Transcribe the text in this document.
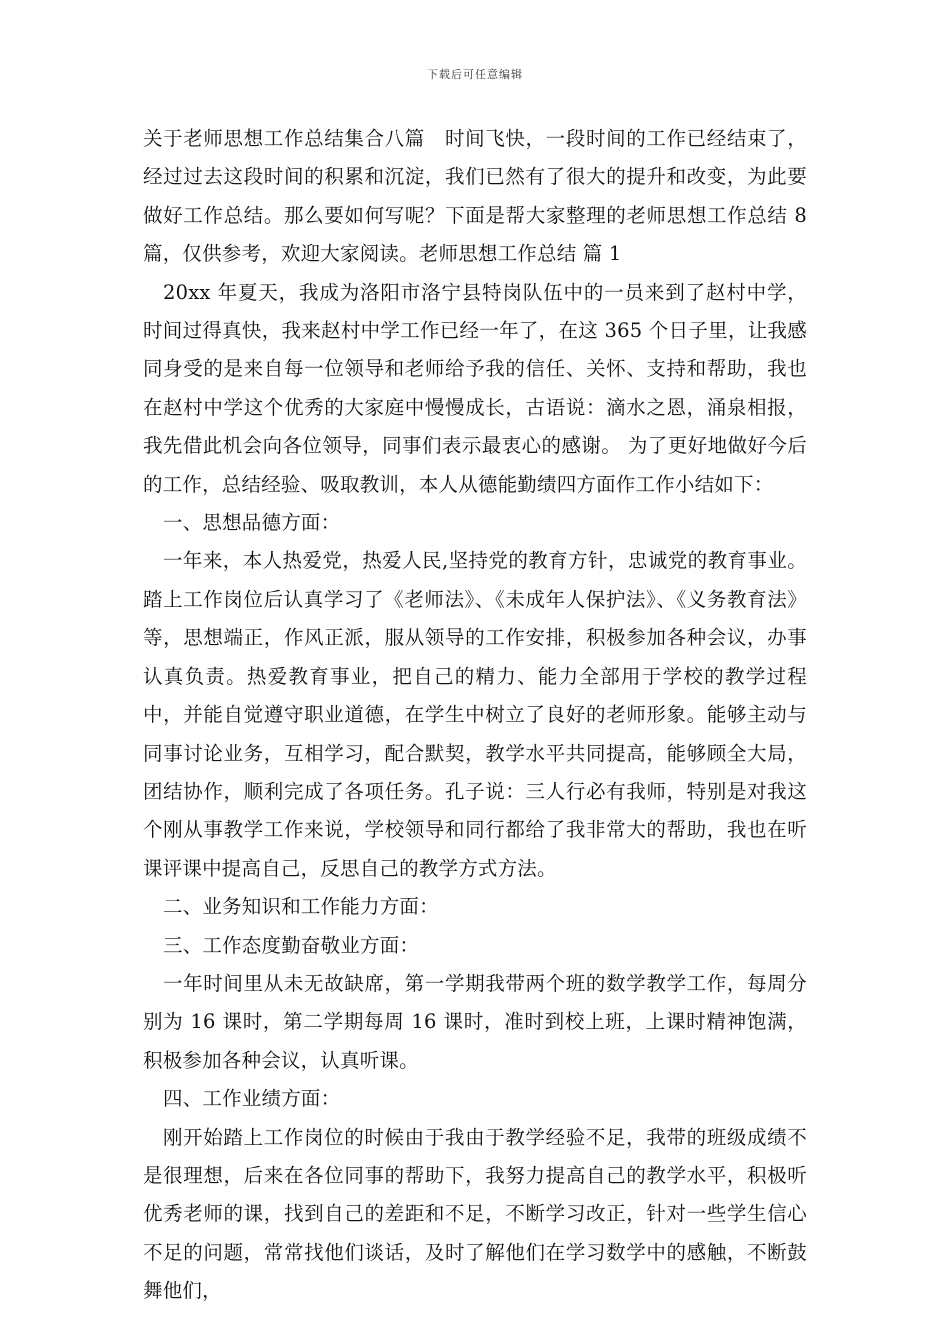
下载后可任意编辑

关于老师思想工作总结集合八篇　时间飞快，一段时间的工作已经结束了，经过过去这段时间的积累和沉淀，我们已然有了很大的提升和改变，为此要做好工作总结。那么要如何写呢？下面是帮大家整理的老师思想工作总结 8 篇，仅供参考，欢迎大家阅读。老师思想工作总结 篇 1

20xx 年夏天，我成为洛阳市洛宁县特岗队伍中的一员来到了赵村中学，时间过得真快，我来赵村中学工作已经一年了，在这 365 个日子里，让我感同身受的是来自每一位领导和老师给予我的信任、关怀、支持和帮助，我也在赵村中学这个优秀的大家庭中慢慢成长，古语说：滴水之恩，涌泉相报，我先借此机会向各位领导，同事们表示最衷心的感谢。 为了更好地做好今后的工作，总结经验、吸取教训，本人从德能勤绩四方面作工作小结如下：

一、思想品德方面：

一年来，本人热爱党，热爱人民,坚持党的教育方针，忠诚党的教育事业。踏上工作岗位后认真学习了《老师法》、《未成年人保护法》、《义务教育法》等，思想端正，作风正派，服从领导的工作安排，积极参加各种会议，办事认真负责。热爱教育事业，把自己的精力、能力全部用于学校的教学过程中，并能自觉遵守职业道德，在学生中树立了良好的老师形象。能够主动与同事讨论业务，互相学习，配合默契，教学水平共同提高，能够顾全大局，团结协作，顺利完成了各项任务。孔子说：三人行必有我师，特别是对我这个刚从事教学工作来说，学校领导和同行都给了我非常大的帮助，我也在听课评课中提高自己，反思自己的教学方式方法。

二、业务知识和工作能力方面：

三、工作态度勤奋敬业方面：

一年时间里从未无故缺席，第一学期我带两个班的数学教学工作，每周分别为 16 课时，第二学期每周 16 课时，准时到校上班，上课时精神饱满，积极参加各种会议，认真听课。

四、工作业绩方面：

刚开始踏上工作岗位的时候由于我由于教学经验不足，我带的班级成绩不是很理想，后来在各位同事的帮助下，我努力提高自己的教学水平，积极听优秀老师的课，找到自己的差距和不足，不断学习改正，针对一些学生信心不足的问题，常常找他们谈话，及时了解他们在学习数学中的感触，不断鼓舞他们，
